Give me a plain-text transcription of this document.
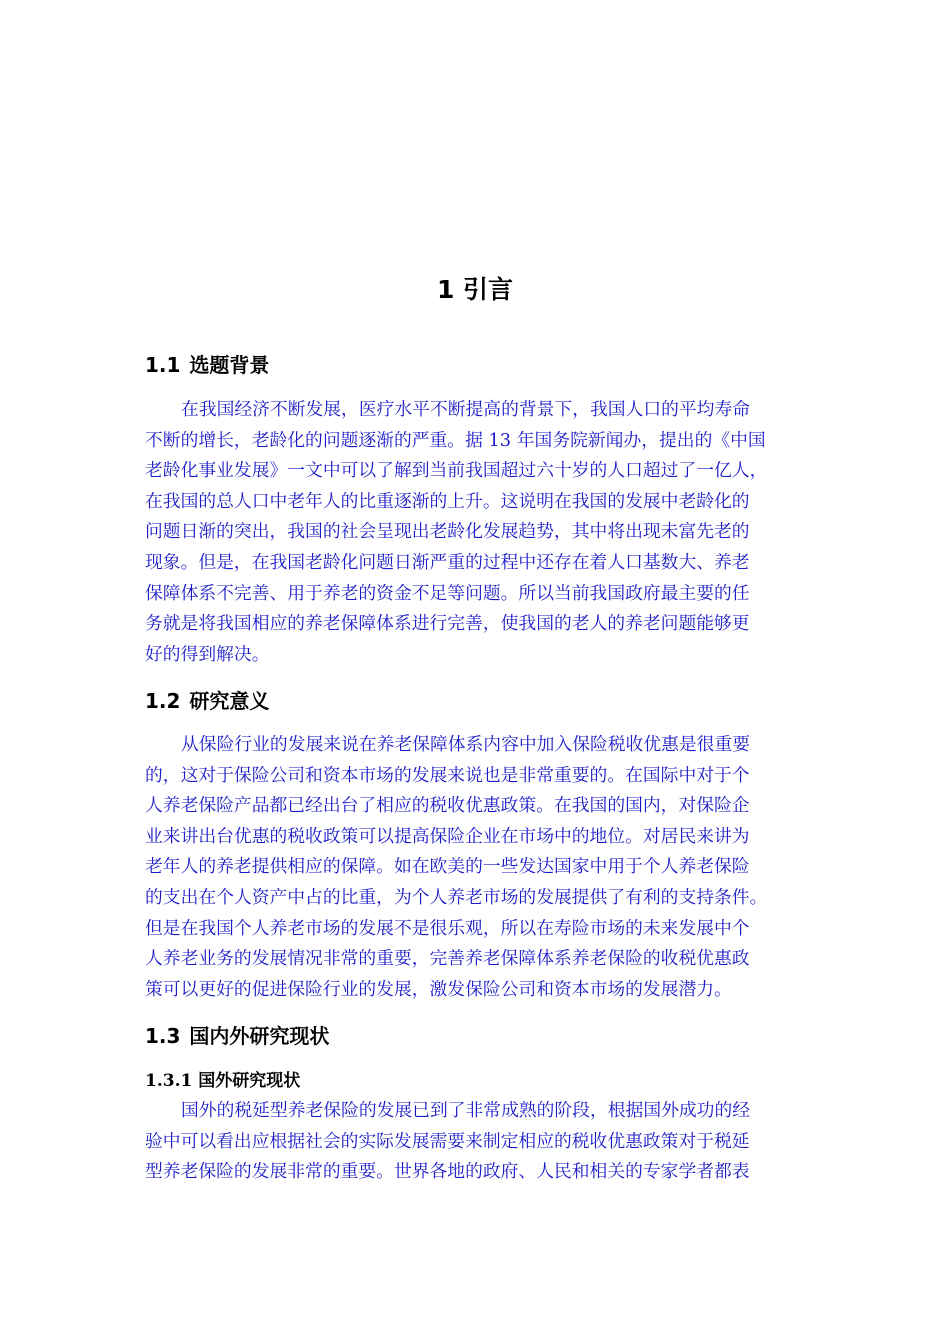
1 引言
1.1 选题背景

在我国经济不断发展，医疗水平不断提高的背景下，我国人口的平均寿命
不断的增长，老龄化的问题逐渐的严重。据 13 年国务院新闻办，提出的《中国
老龄化事业发展》一文中可以了解到当前我国超过六十岁的人口超过了一亿人，
在我国的总人口中老年人的比重逐渐的上升。这说明在我国的发展中老龄化的
问题日渐的突出，我国的社会呈现出老龄化发展趋势，其中将出现未富先老的
现象。但是，在我国老龄化问题日渐严重的过程中还存在着人口基数大、养老
保障体系不完善、用于养老的资金不足等问题。所以当前我国政府最主要的任
务就是将我国相应的养老保障体系进行完善，使我国的老人的养老问题能够更
好的得到解决。

1.2 研究意义

从保险行业的发展来说在养老保障体系内容中加入保险税收优惠是很重要
的，这对于保险公司和资本市场的发展来说也是非常重要的。在国际中对于个
人养老保险产品都已经出台了相应的税收优惠政策。在我国的国内，对保险企
业来讲出台优惠的税收政策可以提高保险企业在市场中的地位。对居民来讲为
老年人的养老提供相应的保障。如在欧美的一些发达国家中用于个人养老保险
的支出在个人资产中占的比重，为个人养老市场的发展提供了有利的支持条件。
但是在我国个人养老市场的发展不是很乐观，所以在寿险市场的未来发展中个
人养老业务的发展情况非常的重要，完善养老保障体系养老保险的收税优惠政
策可以更好的促进保险行业的发展，激发保险公司和资本市场的发展潜力。

1.3 国内外研究现状
1.3.1 国外研究现状

国外的税延型养老保险的发展已到了非常成熟的阶段，根据国外成功的经
验中可以看出应根据社会的实际发展需要来制定相应的税收优惠政策对于税延
型养老保险的发展非常的重要。世界各地的政府、人民和相关的专家学者都表
